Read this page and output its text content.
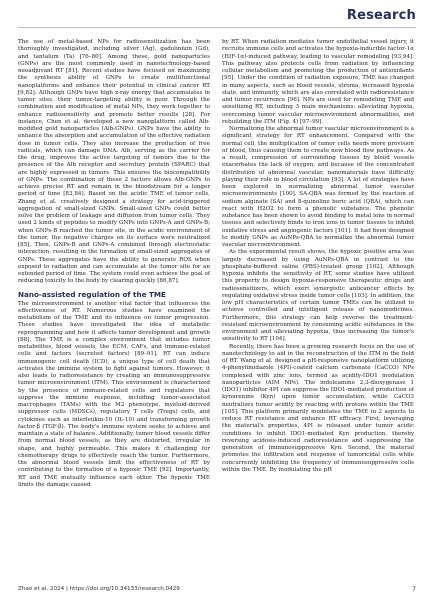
Research

The use of metal-based NPs for radiosensitization has been thoroughly investigated, including silver (Ag), gadolinium (Gd), and tantalum (Ta) [76–80]. Among these, gold nanoparticles (GNPs) are the most commonly used in nanotechnology-based neoadjuvant RT [81]. Recent studies have focused on maximizing the synthesis ability of GNPs to create multifunctional nanoplatforms and enhance their potential in clinical cancer RT [9,82]. Although GNPs have high x-ray energy that accumulates in tumor sites, their tumor-targeting ability is poor. Through the combination and modification of metal NPs, they work together to enhance radiosensitivity and promote better results [28]. For instance, Chen et al. developed a new nanoplatform called Alb-modified gold nanoparticles (Alb-GNPs). GNPs have the ability to enhance the absorption and accumulation of the effective radiation dose in tumor cells. They also increase the production of free radicals, which can damage DNA. Alb, serving as the carrier for the drug, improves the active targeting of tumors due to the presence of the Alb receptor and secretory protein (SPARC) that are highly expressed in tumors. This ensures the biocompatibility of GNPs. The combination of these 2 factors allows Alb-GNPs to achieve precise RT and remain in the bloodstream for a longer period of time [83,84]. Based on the acidic TME of tumor cells, Zhang et al. creatively designed a strategy for acid-triggered aggregation of small-sized GNPs. Small-sized GNPs could better solve the problem of leakage and diffusion from tumor cells. They used 2 kinds of peptides to modify GNPs into GNPs-A and GNPs-B; when GNPs-B reached the tumor site, in the acidic environment of the tumor, the negative charges on its surface were neutralized [85]. Then, GNPs-B and GNPs-A combined through electrostatic interaction, resulting in the formation of small-sized aggregates of GNPs. These aggregates have the ability to generate ROS when exposed to radiation and can accumulate at the tumor site for an extended period of time. The system could even achieve the goal of reducing toxicity to the body by clearing quickly [86,87].

Nano-assisted regulation of the TME

The microenvironment is another vital factor that influences the effectiveness of RT. Numerous studies have examined the metabolism of the TME and its influence on tumor progression. These studies have investigated the idea of metabolic reprogramming and how it affects tumor development and growth [88]. The TME is a complex environment that includes tumor metabolites, blood vessels, the ECM, CAFs, and immune-related cells and factors (secreted factors) [89–91]. RT can induce immunogenic cell death (ICD), a unique type of cell death that activates the immune system to fight against tumors. However, it also leads to radioresistance by creating an immunosuppressive tumor microenvironment (ITM). This environment is characterized by the presence of immune-related cells and regulators that suppress the immune response, including tumor-associated macrophages (TAMs) with the M2 phenotype, myeloid-derived suppressor cells (MDSCs), regulatory T cells (Tregs) cells, and cytokines such as interleukin-10 (IL-10) and transforming growth factor-β (TGF-β). The body's immune system seeks to achieve and maintain a state of balance. Additionally, tumor blood vessels differ from normal blood vessels, as they are distorted, irregular in shape, and highly permeable. This makes it challenging for chemotherapy drugs to effectively reach the tumor. Furthermore, the abnormal blood vessels limit the effectiveness of RT by contributing to the formation of a hypoxic TME [92]. Importantly, RT and TME mutually influence each other. The hypoxic TME limits the damage caused

by RT. When radiation mediates tumor endothelial vessel injury, it recruits immune cells and activates the hypoxia-inducible factor-1α (HIF-1α)-induced pathway, leading to vascular remodeling [93,94]. This pathway also protects cells from radiation by influencing cellular metabolism and promoting the production of antioxidants [95]. Under the condition of radiation exposure, TME has changed in many aspects, such as blood vessels, stroma, increased hypoxia state, and immunity, which are also correlated with radioresistance and tumor recurrence [96]. NPs are used for remodeling TME and sensitizing RT, including 3 main mechanisms: alleviating hypoxia, overcoming tumor vascular microenvironment abnormalities, and rebuilding the ITM (Fig. 4) [97–99].

Normalizing the abnormal tumor vascular microenvironment is a significant strategy for RT enhancement. Compared with the normal cell, the multiplication of tumor cells needs more provision of blood, thus causing them to create new blood flow pathways. As a result, compression of surrounding tissues by blood vessels exacerbates the lack of oxygen, and because of the concentrated distribution of abnormal vascular, nanomaterials have difficulty playing their role in blood circulation [93]. A lot of strategies have been explored in normalizing abnormal tumor vascular microenvironments [100]. SA-QBA was formed by the reaction of sodium alginate (SA) and 8-quinoline boric acid (QBA), which can react with H2O2 to form a phenolic substance. The phenolic substance has been shown to avoid binding to metal ions in normal tissues and selectively binds to iron ions in tumor tissues to inhibit oxidative stress and angiogenic factors [101]. It had been designed to modify GNPs as AuNPs-QBA to normalize the abnormal tumor vascular microenvironment.

As the experimental result shows, the hypoxic positive area was largely decreased by using AuNPs-QBA in contrast to the phosphate-buffered saline (PBS)-treated group [102]. Although hypoxia inhibits the sensitivity of RT, some studies have utilized this property to design hypoxia-responsive therapeutic drugs and radiosensitizers, which exert synergistic anticancer effects by regulating oxidative stress inside tumor cells [103]. In addition, the low pH characteristics of certain tumor TMEs can be utilized to achieve controlled and intelligent release of nanomedicines. Furthermore, this strategy can help reverse the treatment-resistant microenvironment by consuming acidic substances in the environment and alleviating hypoxia, thus increasing the tumor's sensitivity to RT [104].

Recently, there has been a growing research focus on the use of nanotechnology to aid in the reconstruction of the ITM in the field of RT. Wang et al. designed a pH-responsive nanoplatform utilizing 4-phenylimidazole (4PI)-coated calcium carbonate (CaCO3) NPs complexed with zinc ions, termed as acidity-IDO1 modulation nanoparticles (AIM NPs). The indoleamine 2,3-dioxygenase 1 (IDO1) inhibitor 4PI can suppress the IDO1-mediated production of kynurenine (Kyn) upon tumor accumulation, while CaCO3 neutralizes tumor acidity by reacting with protons within the TME [105]. This platform primarily modulates the TME in 2 aspects to reduce RT resistance and enhance RT efficacy. First, leveraging the material's properties, 4PI is released under tumor acidic conditions to inhibit IDO1-mediated Kyn production, thereby reversing acidosis-induced radioresistance and suppressing the generation of immunosuppressive Kyn. Second, the material promotes the infiltration and response of tumoricidal cells while concurrently inhibiting the frequency of immunosuppressive cells within the TME. By modulating the pH

Zhao et al. 2024 | https://doi.org/10.34133/research.0429	7
